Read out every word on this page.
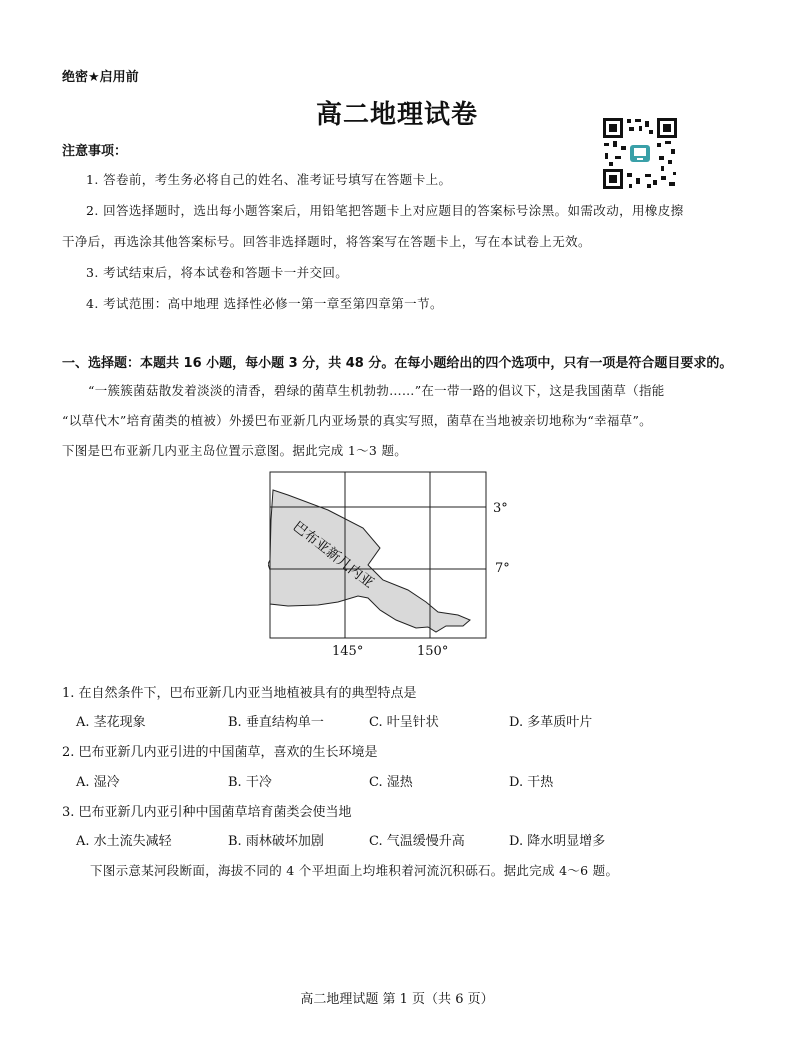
绝密★启用前
高二地理试卷
注意事项：
1. 答卷前，考生务必将自己的姓名、准考证号填写在答题卡上。
2. 回答选择题时，选出每小题答案后，用铅笔把答题卡上对应题目的答案标号涂黑。如需改动，用橡皮擦
干净后，再选涂其他答案标号。回答非选择题时，将答案写在答题卡上，写在本试卷上无效。
3. 考试结束后，将本试卷和答题卡一并交回。
4. 考试范围：高中地理 选择性必修一第一章至第四章第一节。
一、选择题：本题共 16 小题，每小题 3 分，共 48 分。在每小题给出的四个选项中，只有一项是符合题目要求的。
“一簇簇菌菇散发着淡淡的清香，碧绿的菌草生机勃勃……”在一带一路的倡议下，这是我国菌草（指能
“以草代木”培育菌类的植被）外援巴布亚新几内亚场景的真实写照，菌草在当地被亲切地称为“幸福草”。
下图是巴布亚新几内亚主岛位置示意图。据此完成 1～3 题。
巴布亚新几内亚
3°
7°
145°	150°
1. 在自然条件下，巴布亚新几内亚当地植被具有的典型特点是
A. 茎花现象	B. 垂直结构单一	C. 叶呈针状	D. 多革质叶片
2. 巴布亚新几内亚引进的中国菌草，喜欢的生长环境是
A. 湿冷	B. 干冷	C. 湿热	D. 干热
3. 巴布亚新几内亚引种中国菌草培育菌类会使当地
A. 水土流失减轻	B. 雨林破坏加剧	C. 气温缓慢升高	D. 降水明显增多
下图示意某河段断面，海拔不同的 4 个平坦面上均堆积着河流沉积砾石。据此完成 4～6 题。
高二地理试题 第 1 页（共 6 页）
